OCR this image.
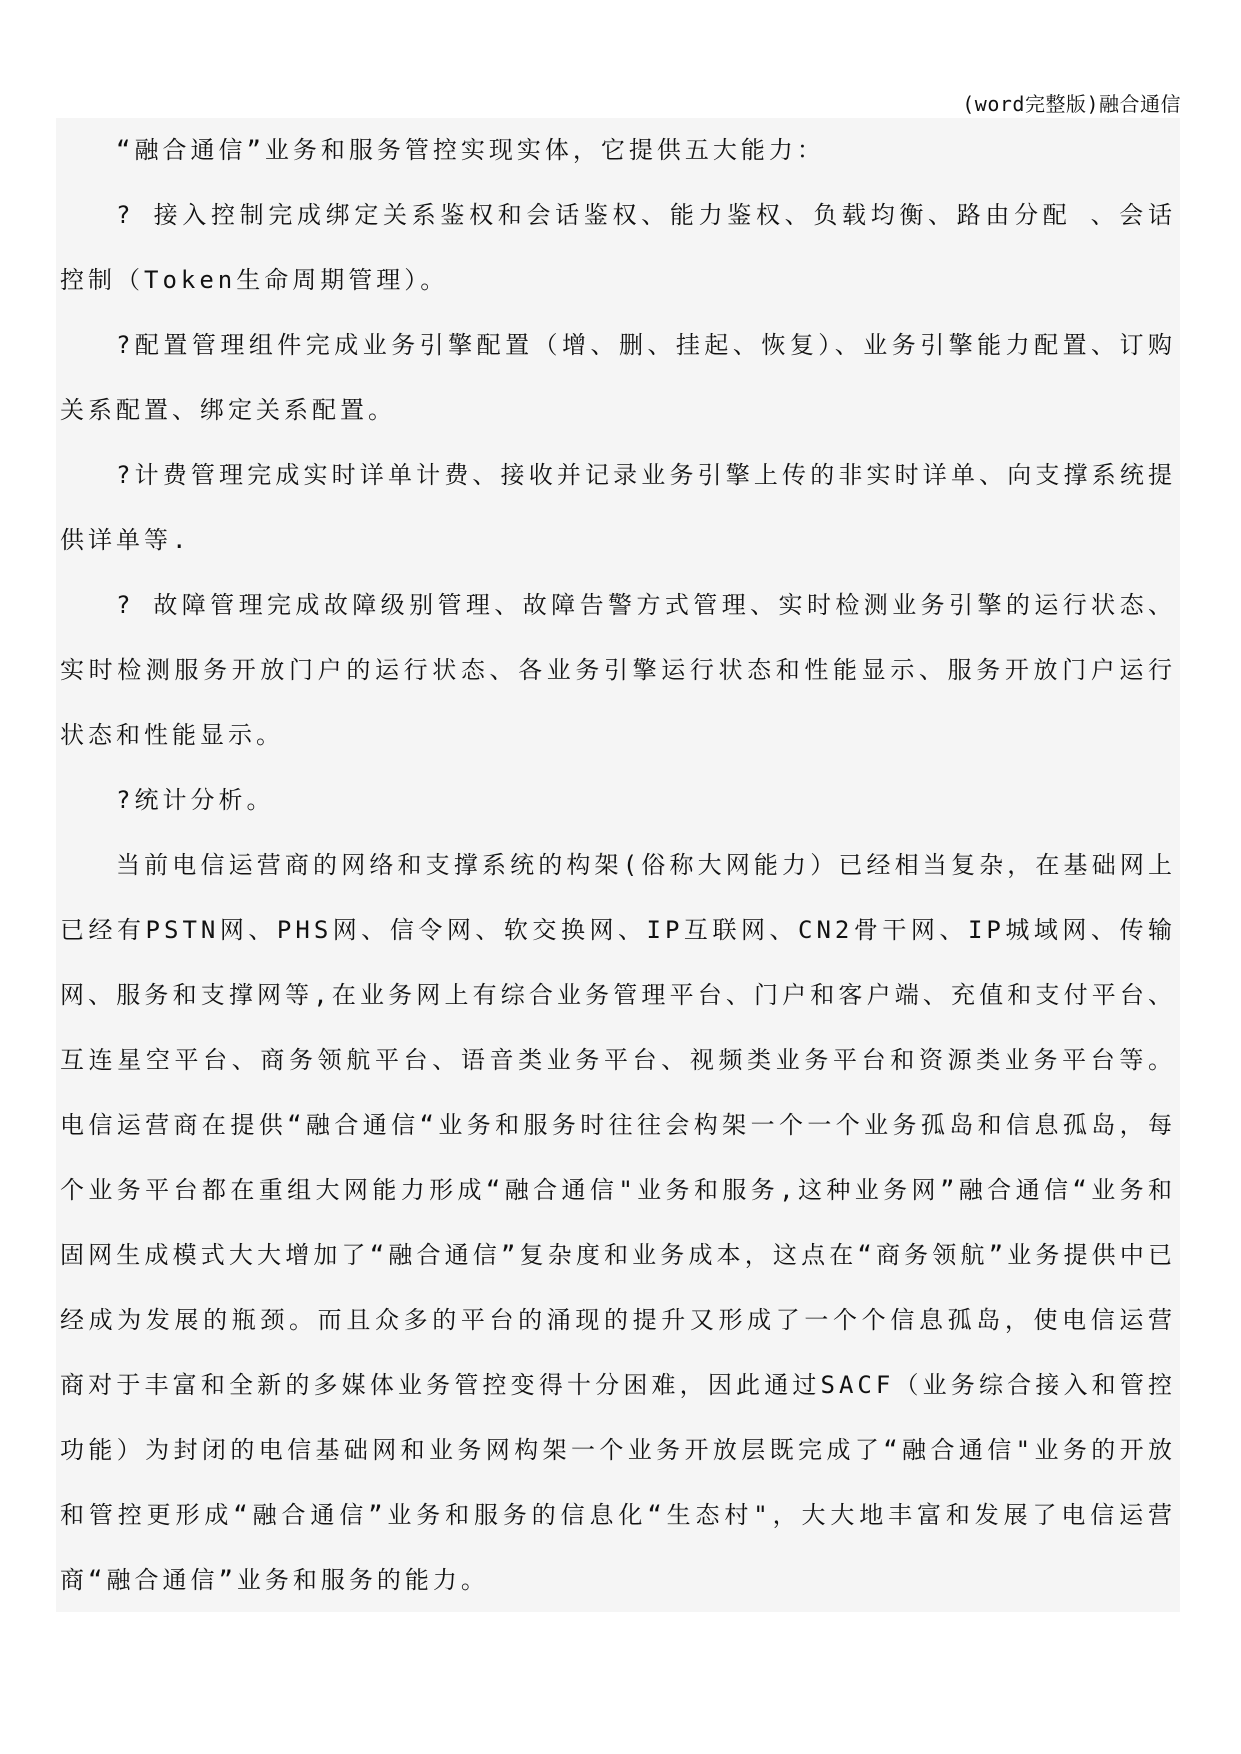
(word完整版)融合通信

“融合通信”业务和服务管控实现实体，它提供五大能力：

? 接入控制完成绑定关系鉴权和会话鉴权、能力鉴权、负载均衡、路由分配 、会话控制（Token生命周期管理）。

?配置管理组件完成业务引擎配置（增、删、挂起、恢复）、业务引擎能力配置、订购关系配置、绑定关系配置。

?计费管理完成实时详单计费、接收并记录业务引擎上传的非实时详单、向支撑系统提供详单等.

? 故障管理完成故障级别管理、故障告警方式管理、实时检测业务引擎的运行状态、实时检测服务开放门户的运行状态、各业务引擎运行状态和性能显示、服务开放门户运行状态和性能显示。

?统计分析。

当前电信运营商的网络和支撑系统的构架(俗称大网能力）已经相当复杂，在基础网上已经有PSTN网、PHS网、信令网、软交换网、IP互联网、CN2骨干网、IP城域网、传输网、服务和支撑网等,在业务网上有综合业务管理平台、门户和客户端、充值和支付平台、互连星空平台、商务领航平台、语音类业务平台、视频类业务平台和资源类业务平台等。电信运营商在提供“融合通信“业务和服务时往往会构架一个一个业务孤岛和信息孤岛，每个业务平台都在重组大网能力形成“融合通信"业务和服务,这种业务网”融合通信“业务和固网生成模式大大增加了“融合通信”复杂度和业务成本，这点在“商务领航”业务提供中已经成为发展的瓶颈。而且众多的平台的涌现的提升又形成了一个个信息孤岛，使电信运营商对于丰富和全新的多媒体业务管控变得十分困难，因此通过SACF（业务综合接入和管控功能）为封闭的电信基础网和业务网构架一个业务开放层既完成了“融合通信"业务的开放和管控更形成“融合通信”业务和服务的信息化“生态村"，大大地丰富和发展了电信运营商“融合通信”业务和服务的能力。
